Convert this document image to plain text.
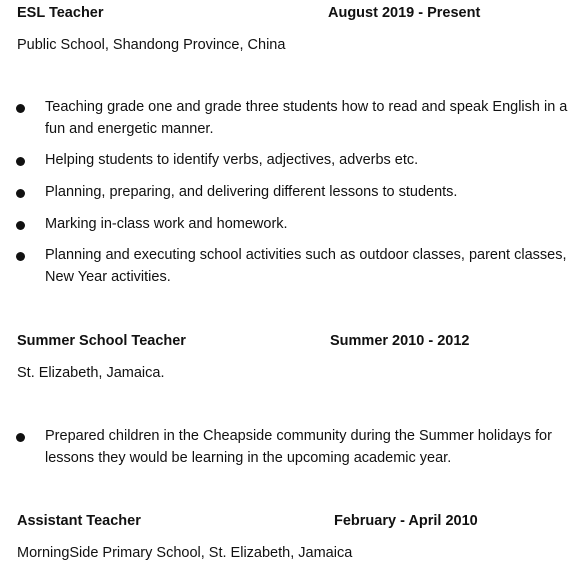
ESL Teacher	August 2019 - Present
Public School, Shandong Province, China
Teaching grade one and grade three students how to read and speak English in a fun and energetic manner.
Helping students to identify verbs, adjectives, adverbs etc.
Planning, preparing, and delivering different lessons to students.
Marking in-class work and homework.
Planning and executing school activities such as outdoor classes, parent classes, New Year activities.
Summer School Teacher	Summer 2010 - 2012
St. Elizabeth, Jamaica.
Prepared children in the Cheapside community during the Summer holidays for lessons they would be learning in the upcoming academic year.
Assistant Teacher	February - April 2010
MorningSide Primary School, St. Elizabeth, Jamaica
